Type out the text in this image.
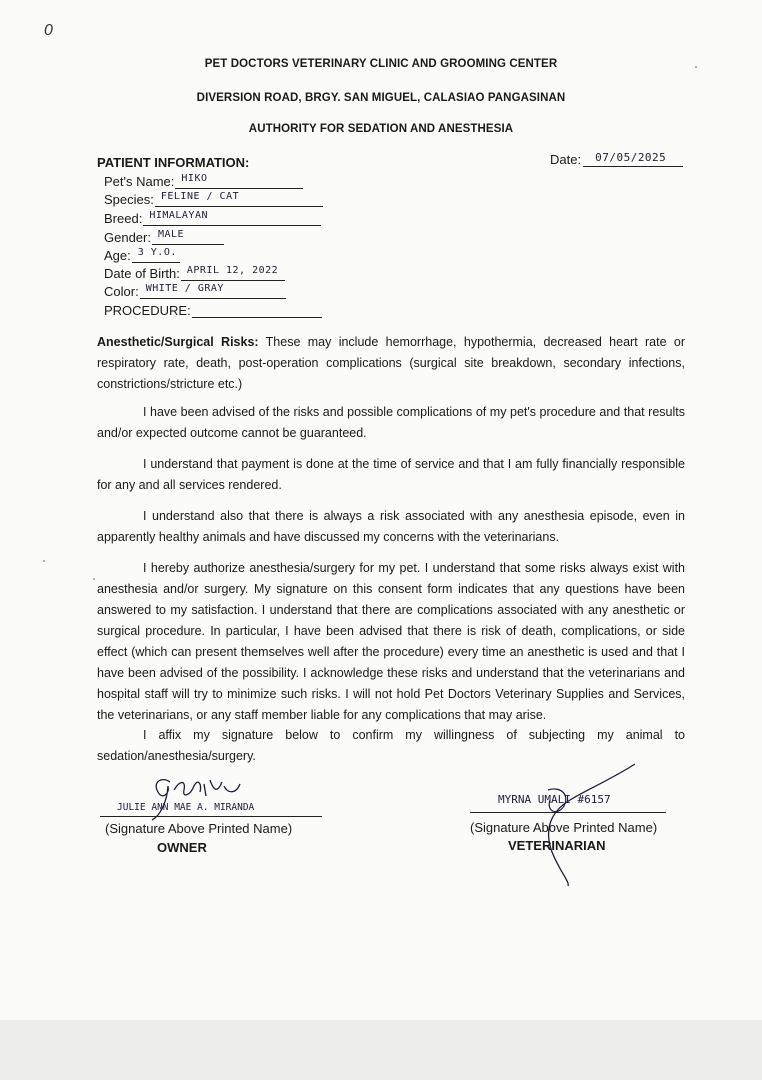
0
PET DOCTORS VETERINARY CLINIC AND GROOMING CENTER
DIVERSION ROAD, BRGY. SAN MIGUEL, CALASIAO PANGASINAN
AUTHORITY FOR SEDATION AND ANESTHESIA
PATIENT INFORMATION:	Date: 07/05/2025
Pet's Name: HIKO
Species: FELINE / CAT
Breed: HIMALAYAN
Gender: MALE
Age: 3 Y.O.
Date of Birth: APRIL 12, 2022
Color: WHITE / GRAY
PROCEDURE:
Anesthetic/Surgical Risks: These may include hemorrhage, hypothermia, decreased heart rate or respiratory rate, death, post-operation complications (surgical site breakdown, secondary infections, constrictions/stricture etc.)
I have been advised of the risks and possible complications of my pet's procedure and that results and/or expected outcome cannot be guaranteed.
I understand that payment is done at the time of service and that I am fully financially responsible for any and all services rendered.
I understand also that there is always a risk associated with any anesthesia episode, even in apparently healthy animals and have discussed my concerns with the veterinarians.
I hereby authorize anesthesia/surgery for my pet. I understand that some risks always exist with anesthesia and/or surgery. My signature on this consent form indicates that any questions have been answered to my satisfaction. I understand that there are complications associated with any anesthetic or surgical procedure. In particular, I have been advised that there is risk of death, complications, or side effect (which can present themselves well after the procedure) every time an anesthetic is used and that I have been advised of the possibility. I acknowledge these risks and understand that the veterinarians and hospital staff will try to minimize such risks. I will not hold Pet Doctors Veterinary Supplies and Services, the veterinarians, or any staff member liable for any complications that may arise.
I affix my signature below to confirm my willingness of subjecting my animal to sedation/anesthesia/surgery.
JULIE ANN MAE A. MIRANDA
(Signature Above Printed Name)
OWNER
MYRNA UMALI #6157
(Signature Above Printed Name)
VETERINARIAN
